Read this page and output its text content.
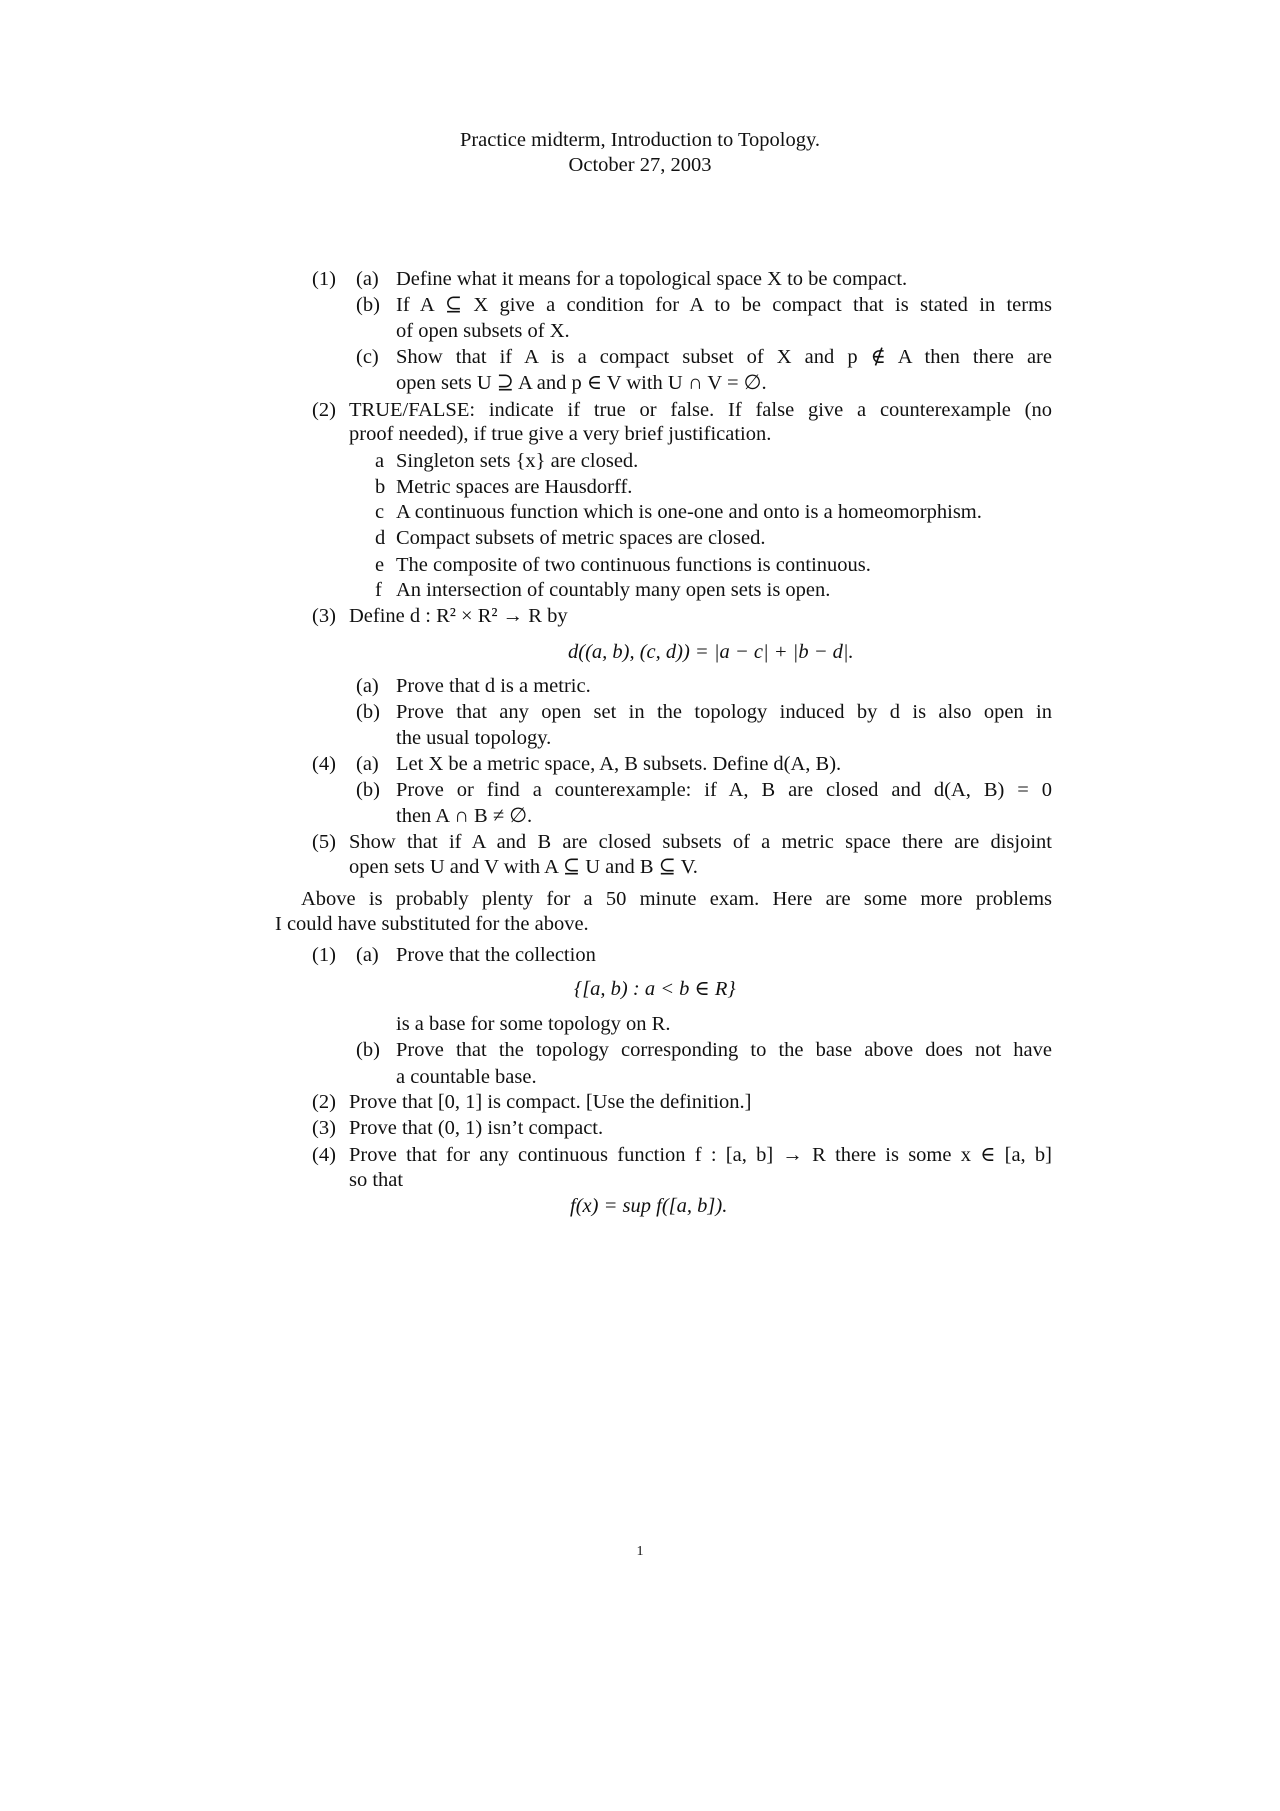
Practice midterm, Introduction to Topology.
October 27, 2003
(1) (a) Define what it means for a topological space X to be compact.
(b) If A ⊆ X give a condition for A to be compact that is stated in terms
of open subsets of X.
(c) Show that if A is a compact subset of X and p ∉ A then there are
open sets U ⊇ A and p ∈ V with U ∩ V = ∅.
(2) TRUE/FALSE: indicate if true or false. If false give a counterexample (no
proof needed), if true give a very brief justification.
a Singleton sets {x} are closed.
b Metric spaces are Hausdorff.
c A continuous function which is one-one and onto is a homeomorphism.
d Compact subsets of metric spaces are closed.
e The composite of two continuous functions is continuous.
f An intersection of countably many open sets is open.
(3) Define d : R² × R² → R by
d((a, b), (c, d)) = |a − c| + |b − d|.
(a) Prove that d is a metric.
(b) Prove that any open set in the topology induced by d is also open in
the usual topology.
(4) (a) Let X be a metric space, A, B subsets. Define d(A, B).
(b) Prove or find a counterexample: if A, B are closed and d(A, B) = 0
then A ∩ B ≠ ∅.
(5) Show that if A and B are closed subsets of a metric space there are disjoint
open sets U and V with A ⊆ U and B ⊆ V.
Above is probably plenty for a 50 minute exam. Here are some more problems
I could have substituted for the above.
(1) (a) Prove that the collection
{[a, b) : a < b ∈ R}
is a base for some topology on R.
(b) Prove that the topology corresponding to the base above does not have
a countable base.
(2) Prove that [0, 1] is compact. [Use the definition.]
(3) Prove that (0, 1) isn’t compact.
(4) Prove that for any continuous function f : [a, b] → R there is some x ∈ [a, b]
so that
f(x) = sup f([a, b]).
1
